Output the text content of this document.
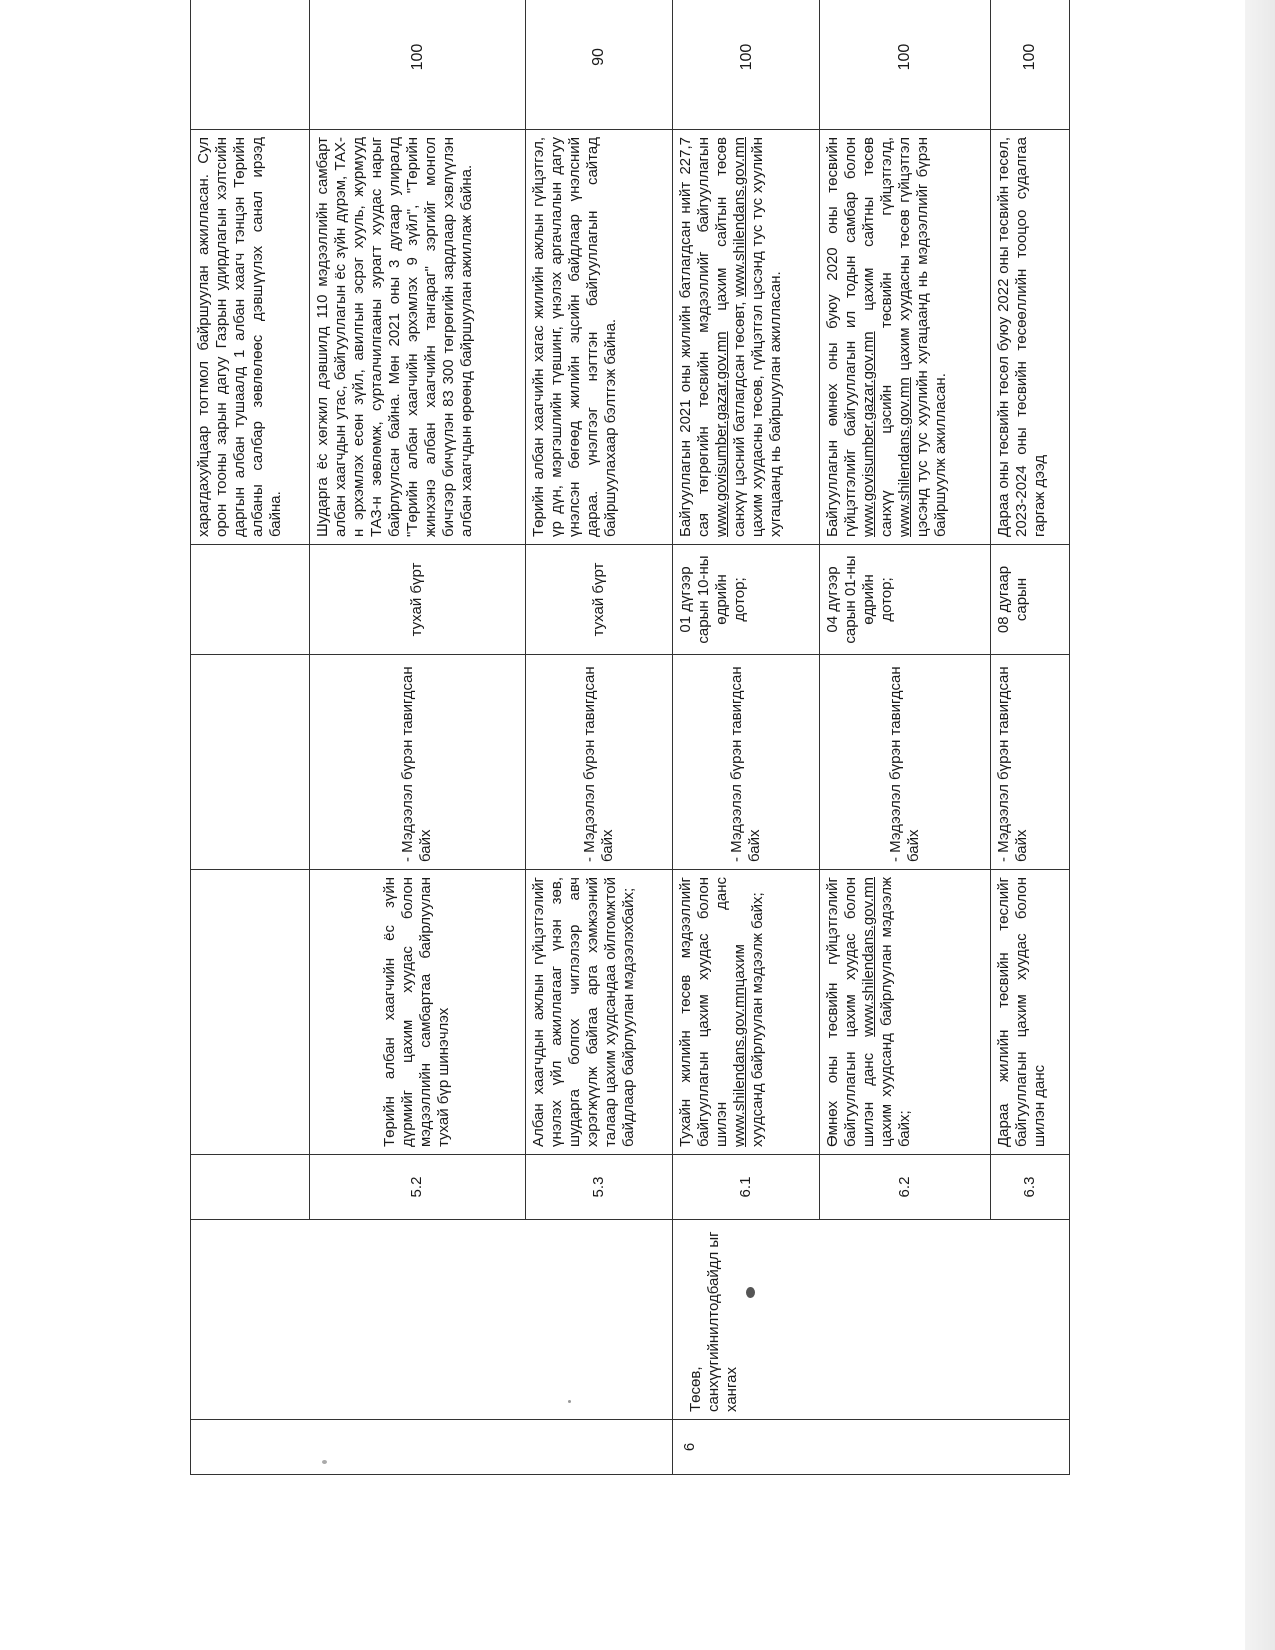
						харагдахуйцаар тогтмол байршуулан ажилласан. Сул орон тооны зарын дагуу Газрын удирдлагын хэлтсийн даргын албан тушаалд 1 албан хаагч тэнцэн Төрийн албаны салбар зөвлөлөөс дэвшүүлэх санал ирээд байна.	
		5.2	Төрийн албан хаагчийн ёс зүйн дүрмийг цахим хуудас болон мэдээллийн самбартаа байрлуулан тухай бүр шинэчлэх	- Мэдээлэл бүрэн тавигдсан байх	тухай бүрт	Шударга ёс хөгжил дэвшилд 110 мэдээллийн самбарт албан хаагчдын утас, байгууллагын ёс зүйн дүрэм, ТАХ-н эрхэмлэх есөн зүйл, авилгын эсрэг хууль, журмууд ТАЗ-н зөвлөмж, сурталчилгааны зурагт хуудас нарыг байрлуулсан байна. Мөн 2021 оны 3 дугаар улиралд "Төрийн албан хаагчийн эрхэмлэх 9 зүйл", "Төрийн жинхэнэ албан хаагчийн тангараг" зэргийг монгол бичгээр бичүүлэн 83 300 төгрөгийн зардлаар хэвлүүлэн албан хаагчдын өрөөнд байршуулан ажиллаж байна.	100
		5.3	Албан хаагчдын ажлын гүйцэтгэлийг үнэлэх үйл ажиллагааг үнэн зөв, шударга болгох чиглэлээр авч хэрэгжүүлж байгаа арга хэмжээний талаар цахим хуудсандаа ойлгомжтой байдлаар байрлуулан мэдээлэхбайх;	- Мэдээлэл бүрэн тавигдсан байх	тухай бүрт	Төрийн албан хаагчийн хагас жилийн ажлын гүйцэтгэл, үр дүн, мэргэшлийн түвшинг, үнэлэх аргачлалын дагуу үнэлсэн бөгөөд жилийн эцсийн байдлаар үнэлсний дараа. үнэлгээг нэгтгэн байгууллагын сайтад байршуулахаар бэлтгэж байна.	90
6	Төсөв, санхүүгийнилтодбайдл ыг хангах	6.1	Тухайн жилийн төсөв мэдээллийг байгууллагын цахим хуудас болон шилэн данс www.shilendans.gov.mnцахим хуудсанд байрлуулан мэдээлж байх;	- Мэдээлэл бүрэн тавигдсан байх	01 дүгээр сарын 10-ны өдрийн дотор;	Байгууллагын 2021 оны жилийн батлагдсан нийт 227,7 сая төгрөгийн төсвийн мэдээллийг байгууллагын www.govisumber.gazar.gov.mn цахим сайтын төсөв санхүү цэсний батлагдсан төсөвт, www.shilendans.gov.mn цахим хуудасны төсөв, гүйцэтгэл цэсэнд тус тус хуулийн хугацаанд нь байршуулан ажилласан.	100
		6.2	Өмнөх оны төсвийн гүйцэтгэлийг байгууллагын цахим хуудас болон шилэн данс www.shilendans.gov.mn цахим хуудсанд байрлуулан мэдээлж байх;	- Мэдээлэл бүрэн тавигдсан байх	04 дүгээр сарын 01-ны өдрийн дотор;	Байгууллагын өмнөх оны буюу 2020 оны төсвийн гүйцэтгэлийг байгууллагын ил тодын самбар болон www.govisumber.gazar.gov.mn цахим сайтны төсөв санхүү цэсийн төсвийн гүйцэтгэлд, www.shilendans.gov.mn цахим хуудасны төсөв гүйцэтгэл цэсэнд тус тус хуулийн хугацаанд нь мэдээллийг бүрэн байршуулж ажилласан.	100
		6.3	Дараа жилийн төсвийн төслийг байгууллагын цахим хуудас болон шилэн данс	- Мэдээлэл бүрэн тавигдсан байх	08 дугаар сарын	Дараа оны төсвийн төсөл буюу 2022 оны төсвийн төсөл, 2023-2024 оны төсвийн төсөөллийн тооцоо судалгаа гаргаж дээд	100
